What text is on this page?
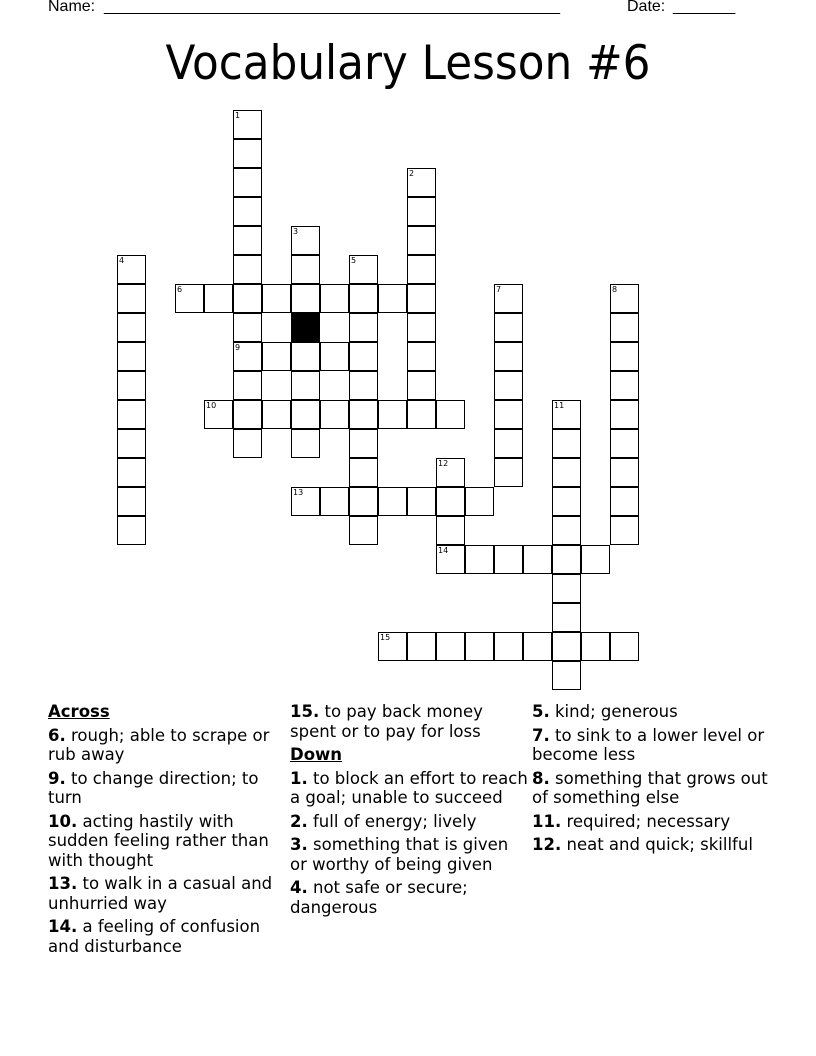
Name: _____________________________________________________	Date: _______
Vocabulary Lesson #6
1
2
3
4	5
6	7	8
9
10	11
12
13
14
15
Across
6. rough; able to scrape or rub away
9. to change direction; to turn
10. acting hastily with sudden feeling rather than with thought
13. to walk in a casual and unhurried way
14. a feeling of confusion and disturbance
15. to pay back money spent or to pay for loss
Down
1. to block an effort to reach a goal; unable to succeed
2. full of energy; lively
3. something that is given or worthy of being given
4. not safe or secure; dangerous
5. kind; generous
7. to sink to a lower level or become less
8. something that grows out of something else
11. required; necessary
12. neat and quick; skillful
